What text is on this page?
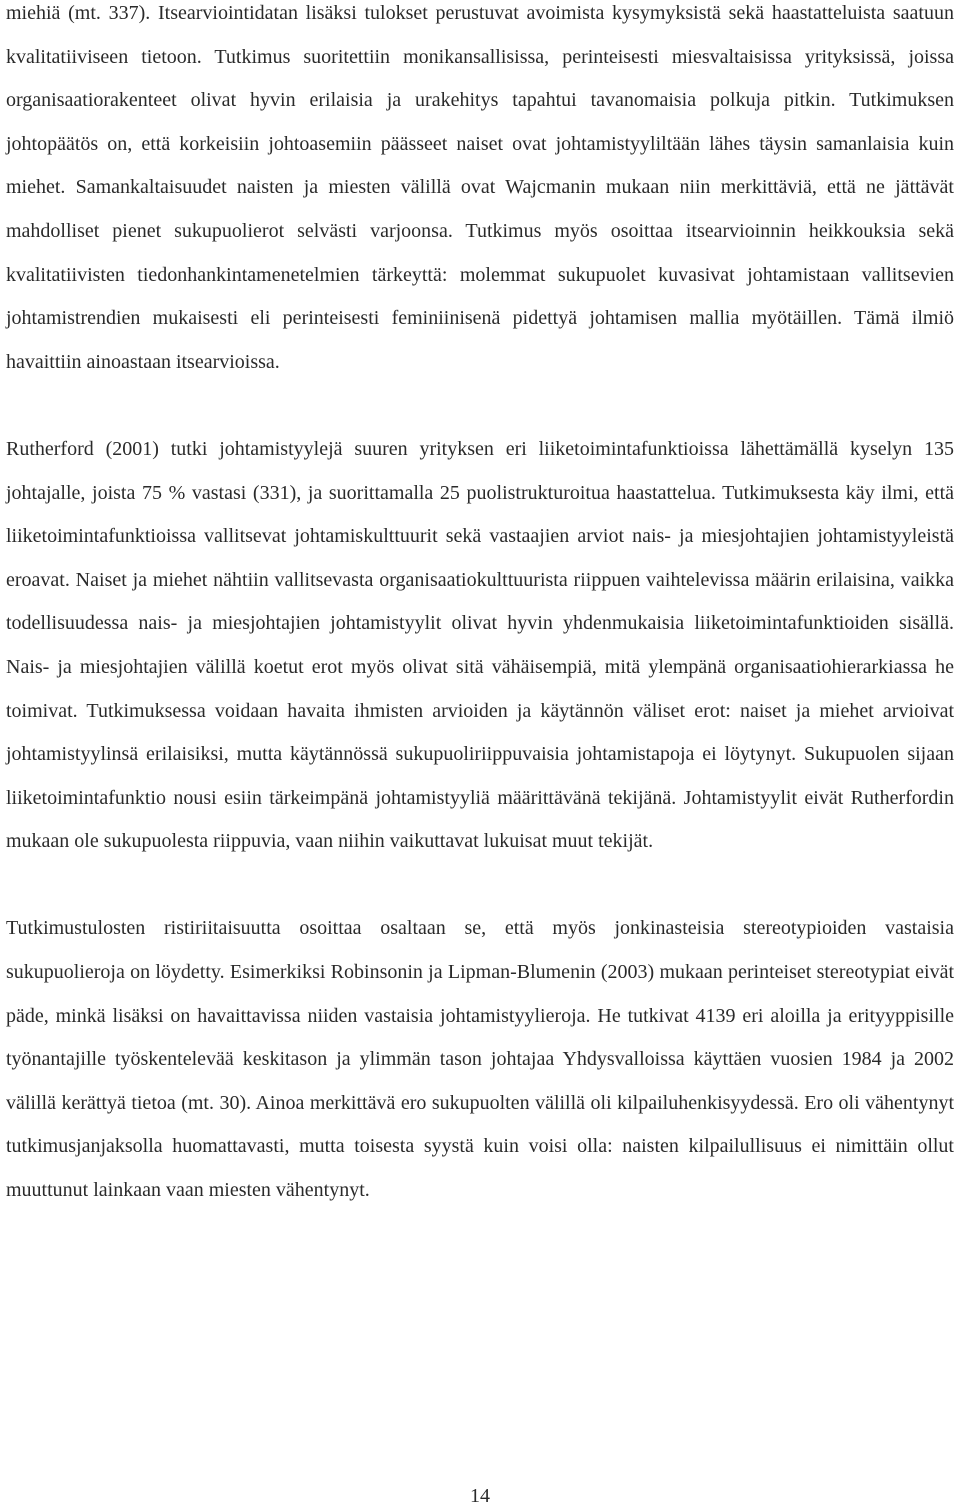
miehiä (mt. 337). Itsearviointidatan lisäksi tulokset perustuvat avoimista kysymyksistä sekä haastatteluista saatuun kvalitatiiviseen tietoon. Tutkimus suoritettiin monikansallisissa, perinteisesti miesvaltaisissa yrityksissä, joissa organisaatiorakenteet olivat hyvin erilaisia ja urakehitys tapahtui tavanomaisia polkuja pitkin. Tutkimuksen johtopäätös on, että korkeisiin johtoasemiin päässeet naiset ovat johtamistyyliltään lähes täysin samanlaisia kuin miehet. Samankaltaisuudet naisten ja miesten välillä ovat Wajcmanin mukaan niin merkittäviä, että ne jättävät mahdolliset pienet sukupuolierot selvästi varjoonsa. Tutkimus myös osoittaa itsearvioinnin heikkouksia sekä kvalitatiivisten tiedonhankintamenetelmien tärkeyttä: molemmat sukupuolet kuvasivat johtamistaan vallitsevien johtamistrendien mukaisesti eli perinteisesti feminiinisenä pidettyä johtamisen mallia myötäillen. Tämä ilmiö havaittiin ainoastaan itsearvioissa.

Rutherford (2001) tutki johtamistyylejä suuren yrityksen eri liiketoimintafunktioissa lähettämällä kyselyn 135 johtajalle, joista 75 % vastasi (331), ja suorittamalla 25 puolistrukturoitua haastattelua. Tutkimuksesta käy ilmi, että liiketoimintafunktioissa vallitsevat johtamiskulttuurit sekä vastaajien arviot nais- ja miesjohtajien johtamistyyleistä eroavat. Naiset ja miehet nähtiin vallitsevasta organisaatiokulttuurista riippuen vaihtelevissa määrin erilaisina, vaikka todellisuudessa nais- ja miesjohtajien johtamistyylit olivat hyvin yhdenmukaisia liiketoimintafunktioiden sisällä. Nais- ja miesjohtajien välillä koetut erot myös olivat sitä vähäisempiä, mitä ylempänä organisaatiohierarkiassa he toimivat. Tutkimuksessa voidaan havaita ihmisten arvioiden ja käytännön väliset erot: naiset ja miehet arvioivat johtamistyylinsä erilaisiksi, mutta käytännössä sukupuoliriippuvaisia johtamistapoja ei löytynyt. Sukupuolen sijaan liiketoimintafunktio nousi esiin tärkeimpänä johtamistyyliä määrittävänä tekijänä. Johtamistyylit eivät Rutherfordin mukaan ole sukupuolesta riippuvia, vaan niihin vaikuttavat lukuisat muut tekijät.

Tutkimustulosten ristiriitaisuutta osoittaa osaltaan se, että myös jonkinasteisia stereotypioiden vastaisia sukupuolieroja on löydetty. Esimerkiksi Robinsonin ja Lipman-Blumenin (2003) mukaan perinteiset stereotypiat eivät päde, minkä lisäksi on havaittavissa niiden vastaisia johtamistyylieroja. He tutkivat 4139 eri aloilla ja erityyppisille työnantajille työskentelevää keskitason ja ylimmän tason johtajaa Yhdysvalloissa käyttäen vuosien 1984 ja 2002 välillä kerättyä tietoa (mt. 30). Ainoa merkittävä ero sukupuolten välillä oli kilpailuhenkisyydessä. Ero oli vähentynyt tutkimusjanjaksolla huomattavasti, mutta toisesta syystä kuin voisi olla: naisten kilpailullisuus ei nimittäin ollut muuttunut lainkaan vaan miesten vähentynyt.

14
